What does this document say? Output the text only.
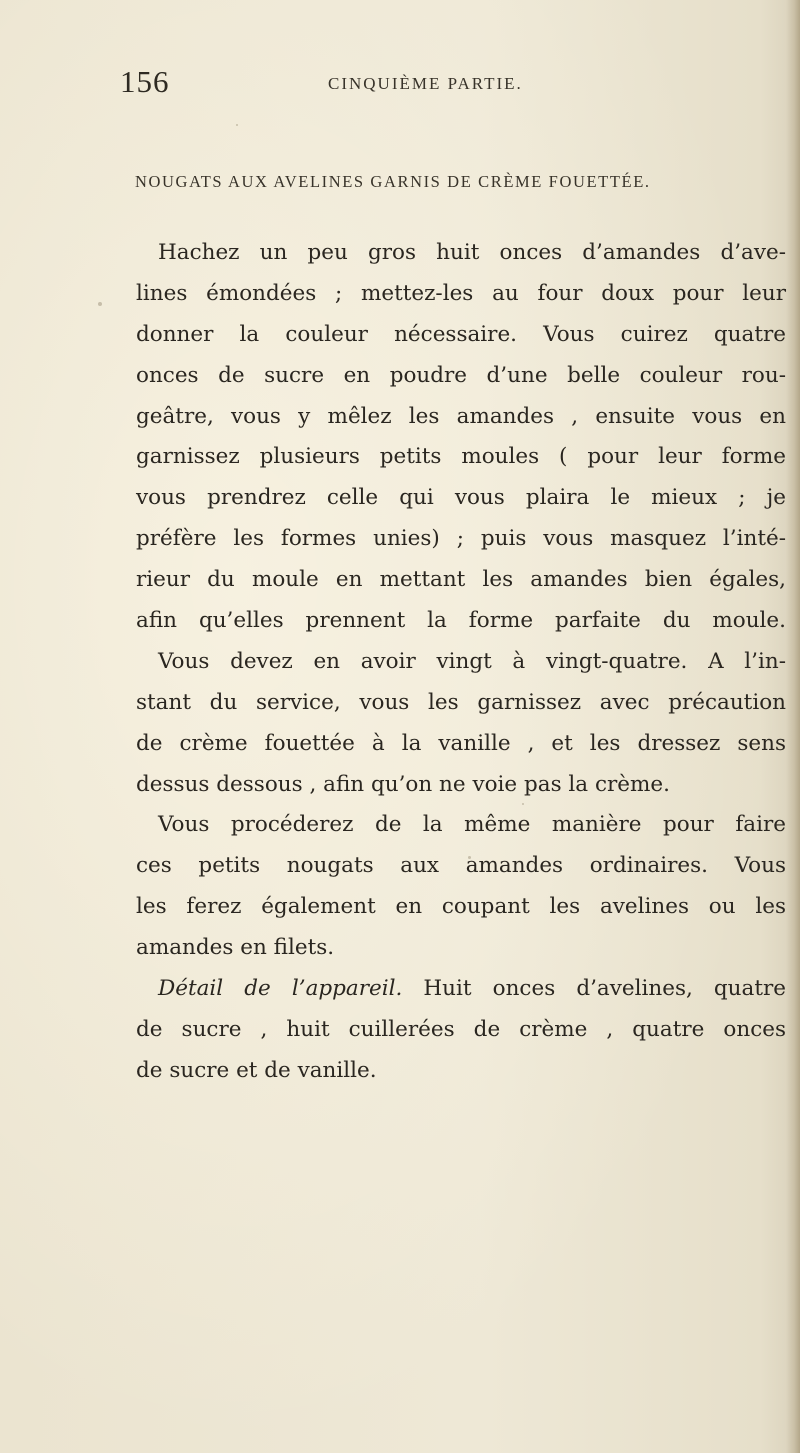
156	CINQUIÈME PARTIE.
NOUGATS AUX AVELINES GARNIS DE CRÈME FOUETTÉE.
Hachez un peu gros huit onces d’amandes d’ave-
lines émondées ; mettez-les au four doux pour leur
donner la couleur nécessaire. Vous cuirez quatre
onces de sucre en poudre d’une belle couleur rou-
geâtre, vous y mêlez les amandes , ensuite vous en
garnissez plusieurs petits moules ( pour leur forme
vous prendrez celle qui vous plaira le mieux ; je
préfère les formes unies) ; puis vous masquez l’inté-
rieur du moule en mettant les amandes bien égales,
afin qu’elles prennent la forme parfaite du moule.
Vous devez en avoir vingt à vingt-quatre. A l’in-
stant du service, vous les garnissez avec précaution
de crème fouettée à la vanille , et les dressez sens
dessus dessous , afin qu’on ne voie pas la crème.
Vous procéderez de la même manière pour faire
ces petits nougats aux amandes ordinaires. Vous
les ferez également en coupant les avelines ou les
amandes en filets.
Détail de l’appareil. Huit onces d’avelines, quatre
de sucre , huit cuillerées de crème , quatre onces
de sucre et de vanille.
